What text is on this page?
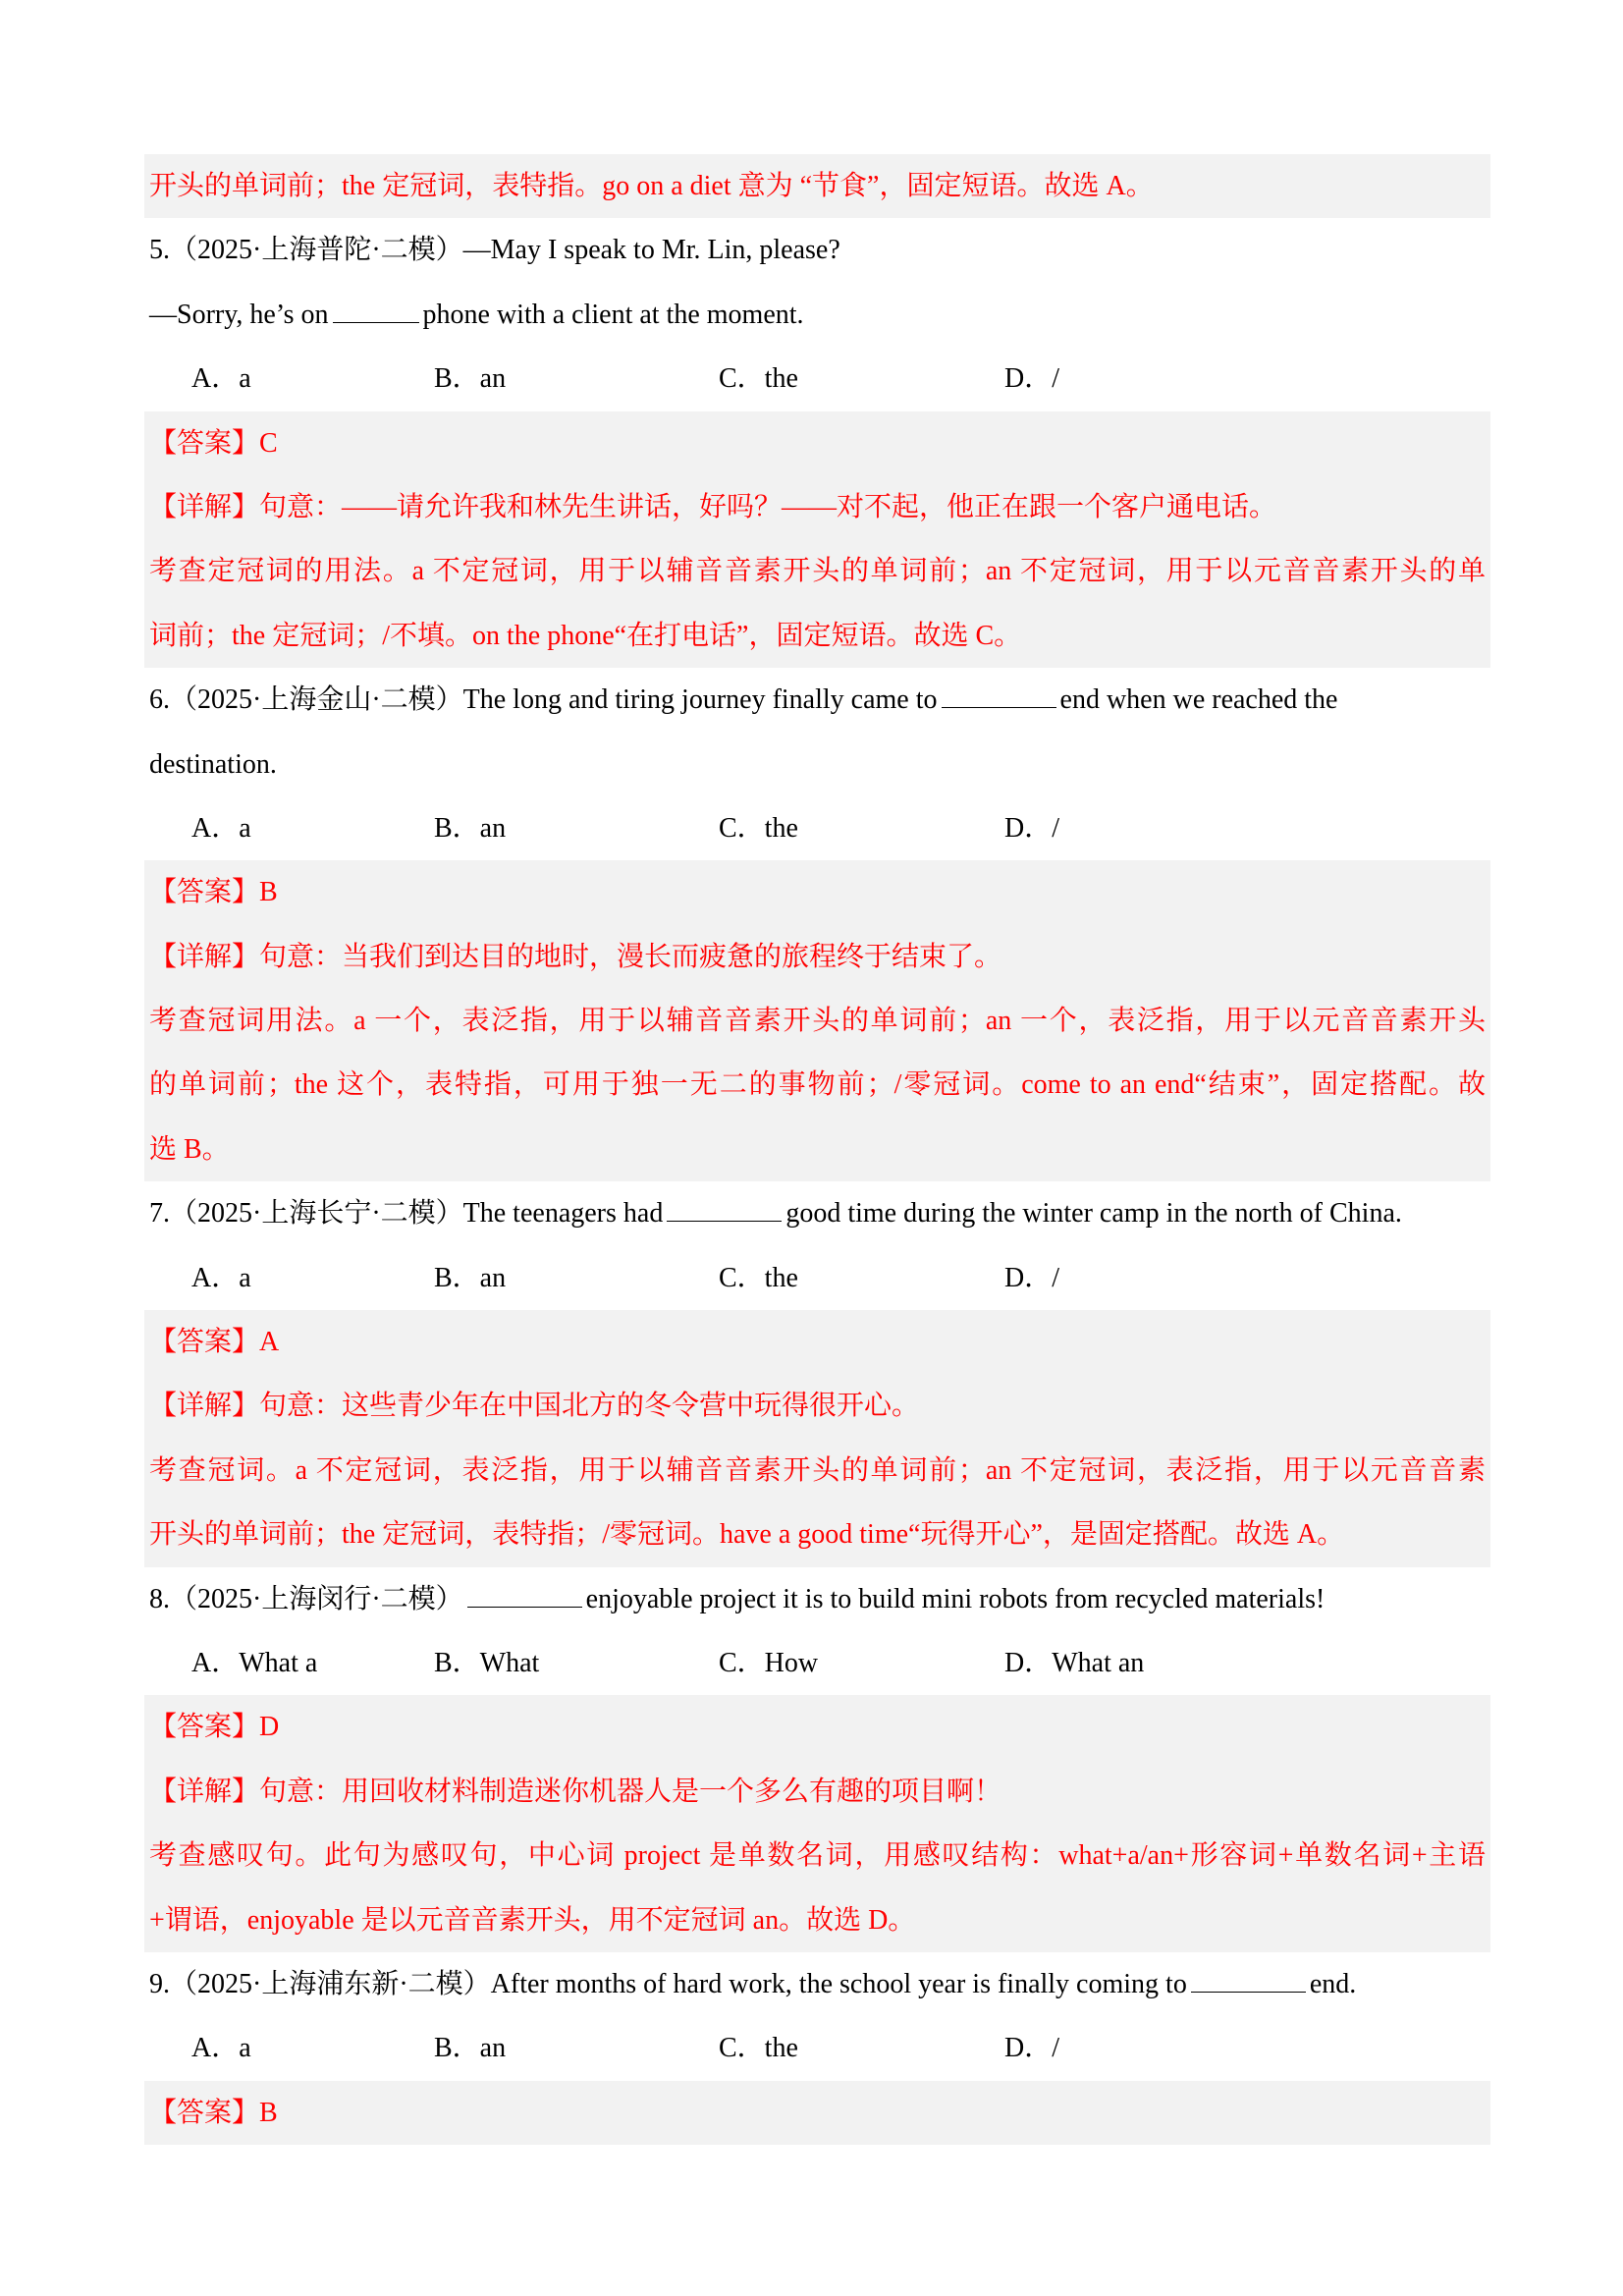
开头的单词前；the 定冠词，表特指。go on a diet 意为 “节食”，固定短语。故选 A。
5.（2025·上海普陀·二模）—May I speak to Mr. Lin, please?
—Sorry, he’s on	phone with a client at the moment.
A．a	B．an	C．the	D．/
【答案】C
【详解】句意：——请允许我和林先生讲话，好吗？——对不起，他正在跟一个客户通电话。
考查定冠词的用法。a 不定冠词，用于以辅音音素开头的单词前；an 不定冠词，用于以元音音素开头的单
词前；the 定冠词；/不填。on the phone“在打电话”，固定短语。故选 C。
6.（2025·上海金山·二模）The long and tiring journey finally came to	end when we reached the
destination.
A．a	B．an	C．the	D．/
【答案】B
【详解】句意：当我们到达目的地时，漫长而疲惫的旅程终于结束了。
考查冠词用法。a 一个，表泛指，用于以辅音音素开头的单词前；an 一个，表泛指，用于以元音音素开头
的单词前；the 这个，表特指，可用于独一无二的事物前；/零冠词。come to an end“结束”，固定搭配。故
选 B。
7.（2025·上海长宁·二模）The teenagers had	good time during the winter camp in the north of China.
A．a	B．an	C．the	D．/
【答案】A
【详解】句意：这些青少年在中国北方的冬令营中玩得很开心。
考查冠词。a 不定冠词，表泛指，用于以辅音音素开头的单词前；an 不定冠词，表泛指，用于以元音音素
开头的单词前；the 定冠词，表特指；/零冠词。have a good time“玩得开心”，是固定搭配。故选 A。
8.（2025·上海闵行·二模）	enjoyable project it is to build mini robots from recycled materials!
A．What a	B．What	C．How	D．What an
【答案】D
【详解】句意：用回收材料制造迷你机器人是一个多么有趣的项目啊！
考查感叹句。此句为感叹句，中心词 project 是单数名词，用感叹结构：what+a/an+形容词+单数名词+主语
+谓语，enjoyable 是以元音音素开头，用不定冠词 an。故选 D。
9.（2025·上海浦东新·二模）After months of hard work, the school year is finally coming to	end.
A．a	B．an	C．the	D．/
【答案】B
